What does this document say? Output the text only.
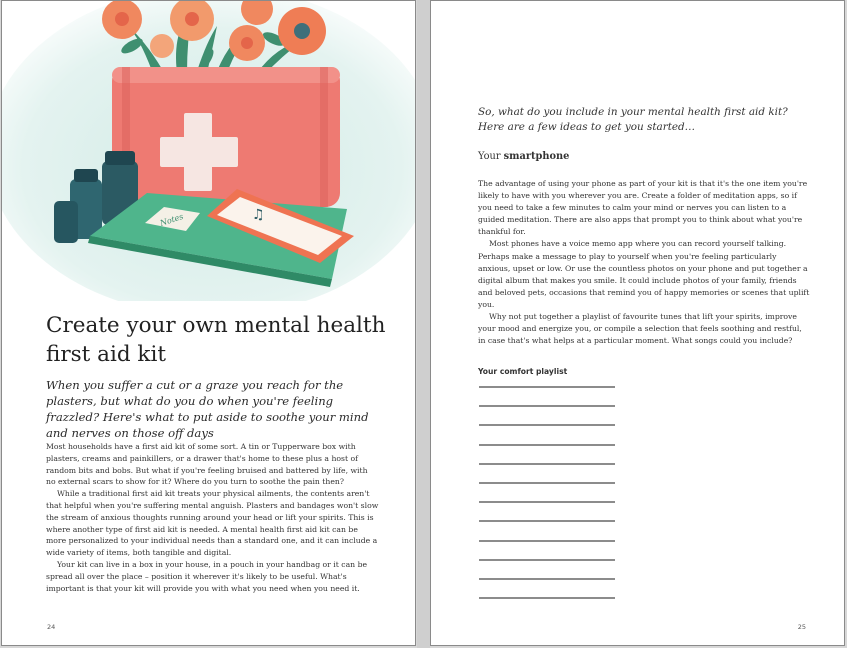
Notes	♫
Create your own mental health first aid kit
When you suffer a cut or a graze you reach for the plasters, but what do you do when you're feeling frazzled? Here's what to put aside to soothe your mind and nerves on those off days

Most households have a first aid kit of some sort. A tin or Tupperware box with plasters, creams and painkillers, or a drawer that's home to these plus a host of random bits and bobs. But what if you're feeling bruised and battered by life, with no external scars to show for it? Where do you turn to soothe the pain then?

While a traditional first aid kit treats your physical ailments, the contents aren't that helpful when you're suffering mental anguish. Plasters and bandages won't slow the stream of anxious thoughts running around your head or lift your spirits. This is where another type of first aid kit is needed. A mental health first aid kit can be more personalized to your individual needs than a standard one, and it can include a wide variety of items, both tangible and digital.

Your kit can live in a box in your house, in a pouch in your handbag or it can be spread all over the place – position it wherever it's likely to be useful. What's important is that your kit will provide you with what you need when you need it.

24
So, what do you include in your mental health first aid kit? Here are a few ideas to get you started…
Your smartphone

The advantage of using your phone as part of your kit is that it's the one item you're likely to have with you wherever you are. Create a folder of meditation apps, so if you need to take a few minutes to calm your mind or nerves you can listen to a guided meditation. There are also apps that prompt you to think about what you're thankful for.

Most phones have a voice memo app where you can record yourself talking. Perhaps make a message to play to yourself when you're feeling particularly anxious, upset or low. Or use the countless photos on your phone and put together a digital album that makes you smile. It could include photos of your family, friends and beloved pets, occasions that remind you of happy memories or scenes that uplift you.

Why not put together a playlist of favourite tunes that lift your spirits, improve your mood and energize you, or compile a selection that feels soothing and restful, in case that's what helps at a particular moment. What songs could you include?

Your comfort playlist
25
